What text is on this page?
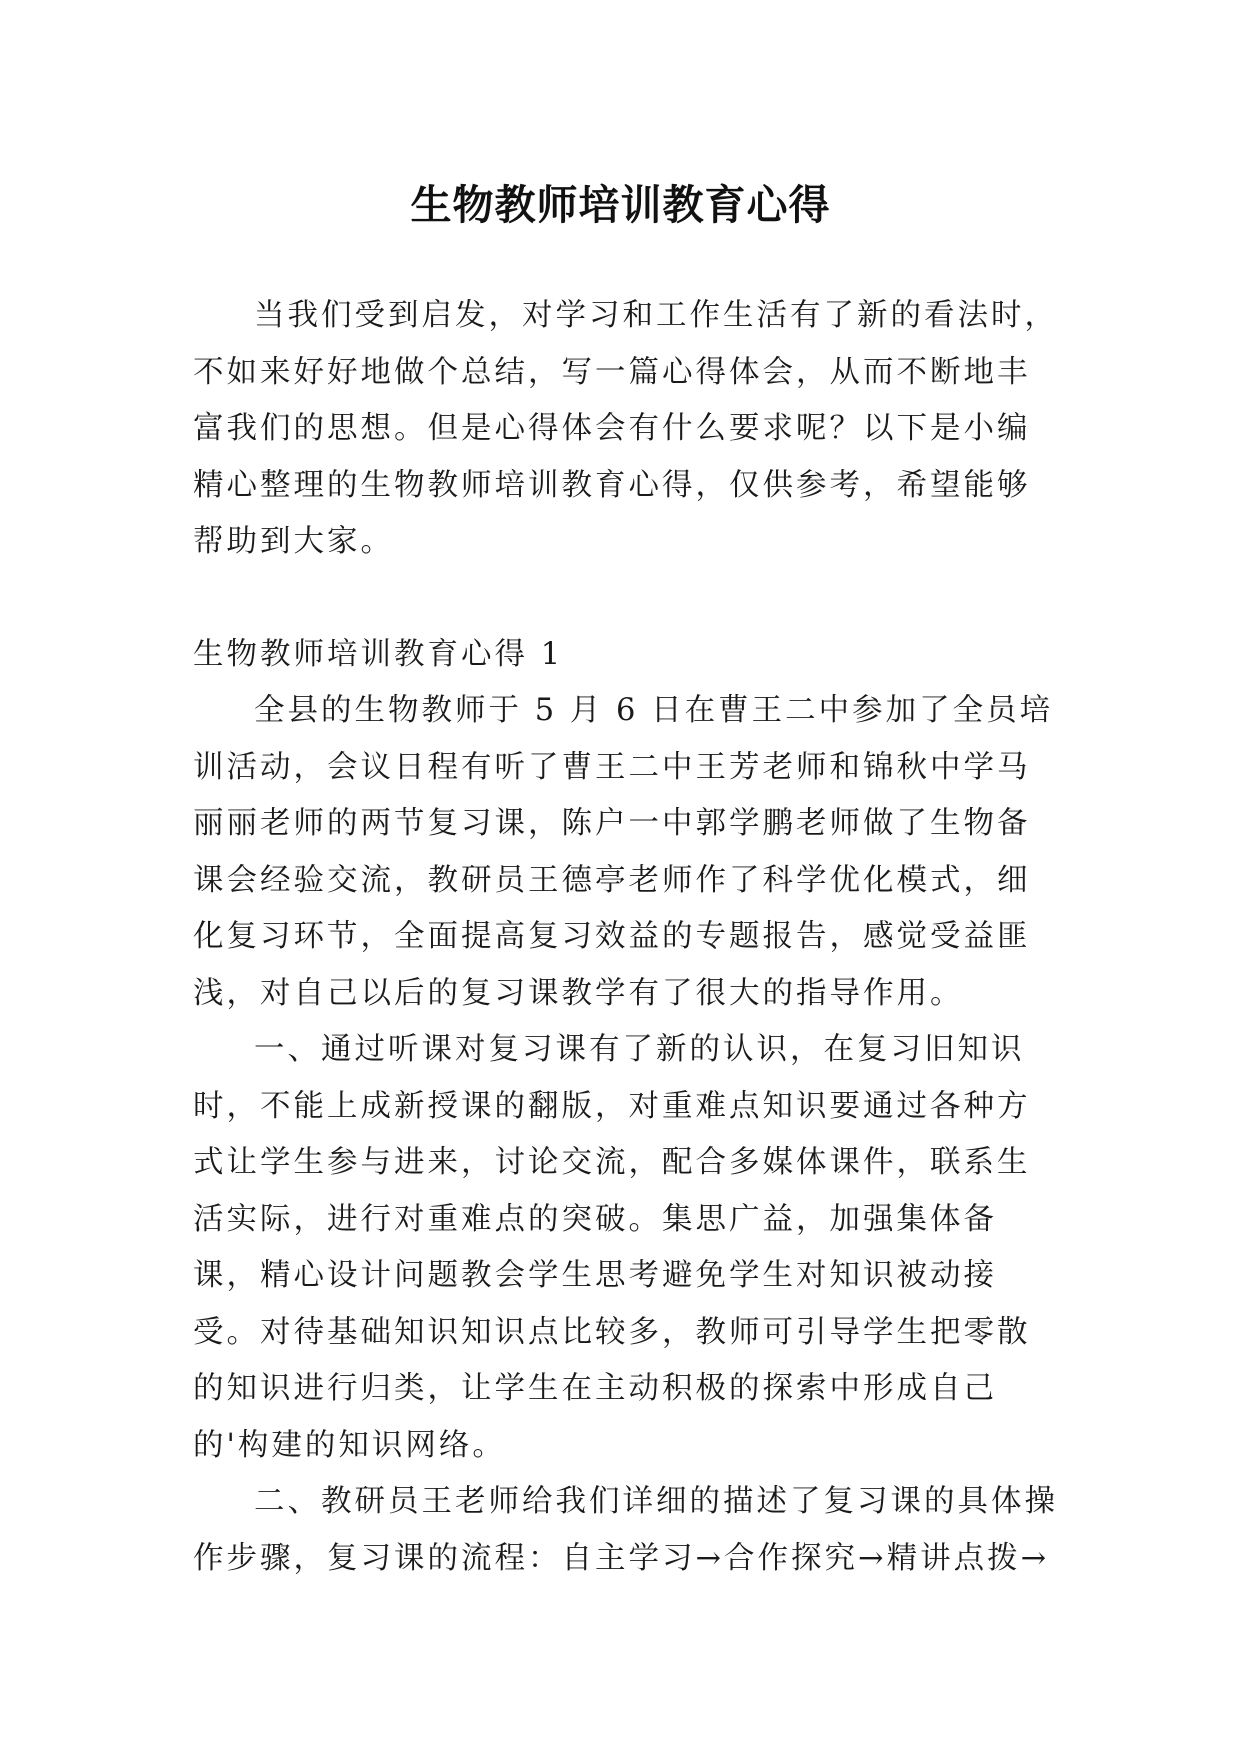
生物教师培训教育心得

当我们受到启发，对学习和工作生活有了新的看法时，不如来好好地做个总结，写一篇心得体会，从而不断地丰富我们的思想。但是心得体会有什么要求呢？以下是小编精心整理的生物教师培训教育心得，仅供参考，希望能够帮助到大家。

生物教师培训教育心得 1

全县的生物教师于 5 月 6 日在曹王二中参加了全员培训活动，会议日程有听了曹王二中王芳老师和锦秋中学马丽丽老师的两节复习课，陈户一中郭学鹏老师做了生物备课会经验交流，教研员王德亭老师作了科学优化模式，细化复习环节，全面提高复习效益的专题报告，感觉受益匪浅，对自己以后的复习课教学有了很大的指导作用。

一、通过听课对复习课有了新的认识，在复习旧知识时，不能上成新授课的翻版，对重难点知识要通过各种方式让学生参与进来，讨论交流，配合多媒体课件，联系生活实际，进行对重难点的突破。集思广益，加强集体备课，精心设计问题教会学生思考避免学生对知识被动接受。对待基础知识知识点比较多，教师可引导学生把零散的知识进行归类，让学生在主动积极的探索中形成自己的'构建的知识网络。

二、教研员王老师给我们详细的描述了复习课的具体操作步骤，复习课的流程：自主学习→合作探究→精讲点拨→
